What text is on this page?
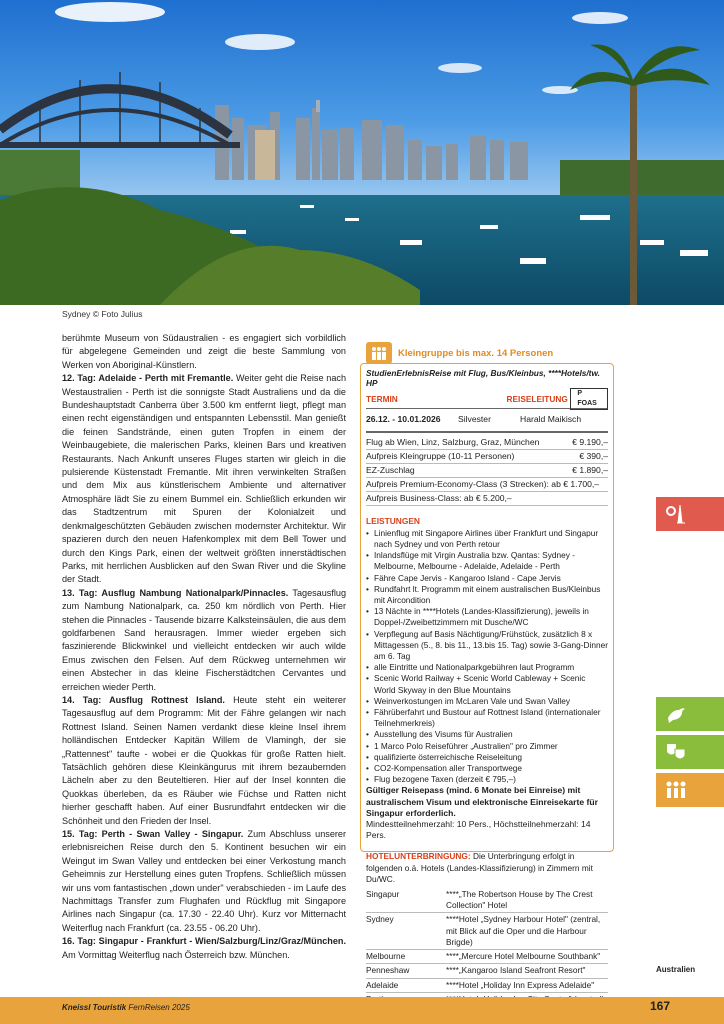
Sydney © Foto Julius

berühmte Museum von Südaustralien - es engagiert sich vorbildlich für abgelegene Gemeinden und zeigt die beste Sammlung von Werken von Aboriginal-Künstlern.

12. Tag: Adelaide - Perth mit Fremantle. Weiter geht die Reise nach Westaustralien - Perth ist die sonnigste Stadt Australiens und da die Bundeshauptstadt Canberra über 3.500 km entfernt liegt, pflegt man einen recht eigenständigen und entspannten Lebensstil. Man genießt die feinen Sandstrände, einen guten Tropfen in einem der Weinbaugebiete, die malerischen Parks, kleinen Bars und kreativen Restaurants. Nach Ankunft unseres Fluges starten wir gleich in die pulsierende Küstenstadt Fremantle. Mit ihren verwinkelten Straßen und dem Mix aus künstlerischem Ambiente und alternativer Atmosphäre lädt Sie zu einem Bummel ein. Schließlich erkunden wir das Stadtzentrum mit Spuren der Kolonialzeit und denkmalgeschützten Gebäuden zwischen modernster Architektur. Wir spazieren durch den neuen Hafenkomplex mit dem Bell Tower und durch den Kings Park, einen der weltweit größten innerstädtischen Parks, mit herrlichen Ausblicken auf den Swan River und die Skyline der Stadt.

13. Tag: Ausflug Nambung Nationalpark/Pinnacles. Tagesausflug zum Nambung Nationalpark, ca. 250 km nördlich von Perth. Hier stehen die Pinnacles - Tausende bizarre Kalksteinsäulen, die aus dem goldfarbenen Sand herausragen. Immer wieder ergeben sich faszinierende Blickwinkel und vielleicht entdecken wir auch wilde Emus zwischen den Felsen. Auf dem Rückweg unternehmen wir einen Abstecher in das kleine Fischerstädtchen Cervantes und erreichen wieder Perth.

14. Tag: Ausflug Rottnest Island. Heute steht ein weiterer Tagesausflug auf dem Programm: Mit der Fähre gelangen wir nach Rottnest Island. Seinen Namen verdankt diese kleine Insel ihrem holländischen Entdecker Kapitän Willem de Vlamingh, der sie „Rattennest" taufte - wobei er die Quokkas für große Ratten hielt. Tatsächlich gehören diese Kleinkängurus mit ihrem bezaubernden Lächeln aber zu den Beuteltieren. Hier auf der Insel konnten die Quokkas überleben, da es Räuber wie Füchse und Ratten nicht hierher geschafft haben. Auf einer Busrundfahrt entdecken wir die Schönheit und den Frieden der Insel.

15. Tag: Perth - Swan Valley - Singapur. Zum Abschluss unserer erlebnisreichen Reise durch den 5. Kontinent besuchen wir ein Weingut im Swan Valley und entdecken bei einer Verkostung manch Geheimnis zur Herstellung eines guten Tropfens. Schließlich müssen wir uns vom fantastischen „down under" verabschieden - im Laufe des Nachmittags Transfer zum Flughafen und Rückflug mit Singapore Airlines nach Singapur (ca. 17.30 - 22.40 Uhr). Kurz vor Mitternacht Weiterflug nach Frankfurt (ca. 23.55 - 06.20 Uhr).

16. Tag: Singapur - Frankfurt - Wien/Salzburg/Linz/Graz/München. Am Vormittag Weiterflug nach Österreich bzw. München.

Kleingruppe bis max. 14 Personen
StudienErlebnisReise mit Flug, Bus/Kleinbus, ****Hotels/tw. HP
TERMIN	REISELEITUNG
P FOAS
26.12. - 10.01.2026	Silvester	Harald Maikisch
Flug ab Wien, Linz, Salzburg, Graz, München	€ 9.190,–
Aufpreis Kleingruppe (10-11 Personen)	€ 390,–
EZ-Zuschlag	€ 1.890,–
Aufpreis Premium-Economy-Class (3 Strecken): ab € 1.700,–
Aufpreis Business-Class: ab € 5.200,–
LEISTUNGEN
• Linienflug mit Singapore Airlines über Frankfurt und Singapur nach Sydney und von Perth retour
• Inlandsflüge mit Virgin Australia bzw. Qantas: Sydney - Melbourne, Melbourne - Adelaide, Adelaide - Perth
• Fähre Cape Jervis - Kangaroo Island - Cape Jervis
• Rundfahrt lt. Programm mit einem australischen Bus/Kleinbus mit Aircondition
• 13 Nächte in ****Hotels (Landes-Klassifizierung), jeweils in Doppel-/Zweibettzimmern mit Dusche/WC
• Verpflegung auf Basis Nächtigung/Frühstück, zusätzlich 8 x Mittagessen (5., 8. bis 11., 13.bis 15. Tag) sowie 3-Gang-Dinner am 6. Tag
• alle Eintritte und Nationalparkgebühren laut Programm
• Scenic World Railway + Scenic World Cableway + Scenic World Skyway in den Blue Mountains
• Weinverkostungen im McLaren Vale und Swan Valley
• Fährüberfahrt und Bustour auf Rottnest Island (internationaler Teilnehmerkreis)
• Ausstellung des Visums für Australien
• 1 Marco Polo Reiseführer „Australien" pro Zimmer
• qualifizierte österreichische Reiseleitung
• CO2-Kompensation aller Transportwege
• Flug bezogene Taxen (derzeit € 795,–)
Gültiger Reisepass (mind. 6 Monate bei Einreise) mit australischem Visum und elektronische Einreisekarte für Singapur erforderlich.
Mindestteilnehmerzahl: 10 Pers., Höchstteilnehmerzahl: 14 Pers.
HOTELUNTERBRINGUNG: Die Unterbringung erfolgt in folgenden o.ä. Hotels (Landes-Klassifizierung) in Zimmern mit Du/WC.
Singapur	****„The Robertson House by The Crest Collection" Hotel
Sydney	****Hotel „Sydney Harbour Hotel" (zentral, mit Blick auf die Oper und die Harbour Brigde)
Melbourne	****„Mercure Hotel Melbourne Southbank"
Penneshaw	****„Kangaroo Island Seafront Resort"
Adelaide	****Hotel „Holiday Inn Express Adelaide"

Australien
Kneissl Touristik FernReisen 2025	167
